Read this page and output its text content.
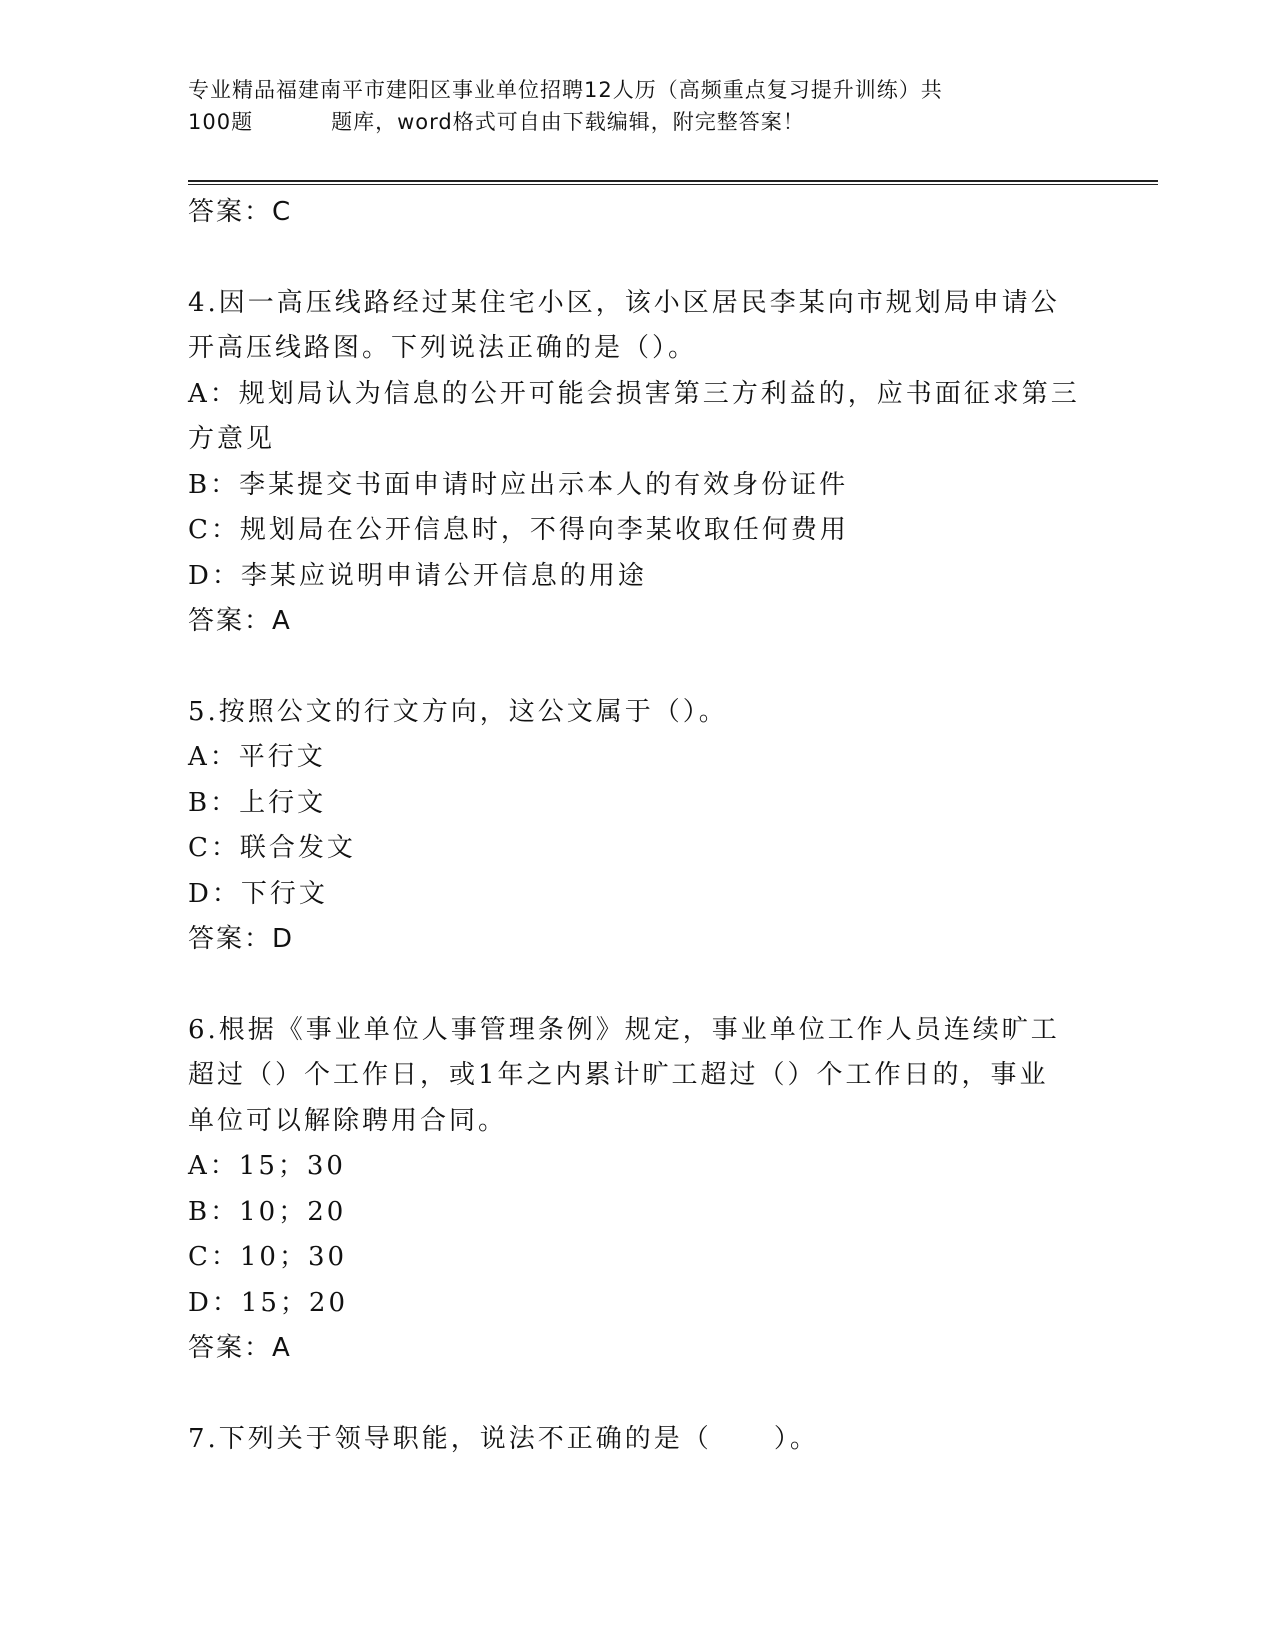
专业精品福建南平市建阳区事业单位招聘12人历（高频重点复习提升训练）共
100题	题库，word格式可自由下载编辑，附完整答案！
答案：C
4.因一高压线路经过某住宅小区，该小区居民李某向市规划局申请公
开高压线路图。下列说法正确的是（）。
A：规划局认为信息的公开可能会损害第三方利益的，应书面征求第三
方意见
B：李某提交书面申请时应出示本人的有效身份证件
C：规划局在公开信息时，不得向李某收取任何费用
D：李某应说明申请公开信息的用途
答案：A
5.按照公文的行文方向，这公文属于（）。
A：平行文
B：上行文
C：联合发文
D：下行文
答案：D
6.根据《事业单位人事管理条例》规定，事业单位工作人员连续旷工
超过（）个工作日，或1年之内累计旷工超过（）个工作日的，事业
单位可以解除聘用合同。
A：15；30
B：10；20
C：10；30
D：15；20
答案：A
7.下列关于领导职能，说法不正确的是（ ）。
